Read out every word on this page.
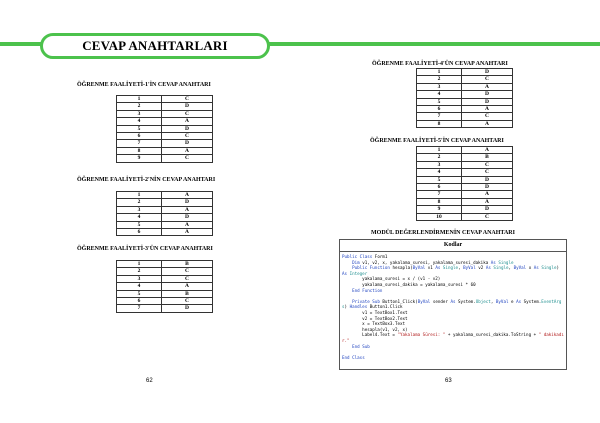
CEVAP ANAHTARLARI
ÖĞRENME FAALİYETİ-1'İN CEVAP ANAHTARI
1	C
2	D
3	C
4	A
5	D
6	C
7	D
8	A
9	C
ÖĞRENME FAALİYETİ-2'NİN CEVAP ANAHTARI
1	A
2	D
3	A
4	D
5	A
6	A
ÖĞRENME FAALİYETİ-3'ÜN CEVAP ANAHTARI
1	B
2	C
3	C
4	A
5	B
6	C
7	D
ÖĞRENME FAALİYETİ-4'ÜN CEVAP ANAHTARI
1	D
2	C
3	A
4	D
5	D
6	A
7	C
8	A
ÖĞRENME FAALİYETİ-5'İN CEVAP ANAHTARI
1	A
2	B
3	C
4	C
5	D
6	D
7	A
8	A
9	D
10	C
MODÜL DEĞERLENDİRMENİN CEVAP ANAHTARI
Kodlar
Public Class Form1
Dim v1, v2, x, yakalama_suresi, yakalama_suresi_dakika As Single
Public Function hesapla(ByVal v1 As Single, ByVal v2 As Single, ByVal x As Single) As Integer
yakalama_suresi = x / (v1 - v2)
yakalama_suresi_dakika = yakalama_suresi * 60
End Function

Private Sub Button1_Click(ByVal sender As System.Object, ByVal e As System.EventArgs) Handles Button1.Click
v1 = TextBox1.Text
v2 = TextBox2.Text
x = TextBox3.Text
hesapla(v1, v2, x)
Label4.Text = "Yakalama Süresi: " + yakalama_suresi_dakika.ToString + " dakikadır."
End Sub

End Class
62	63
